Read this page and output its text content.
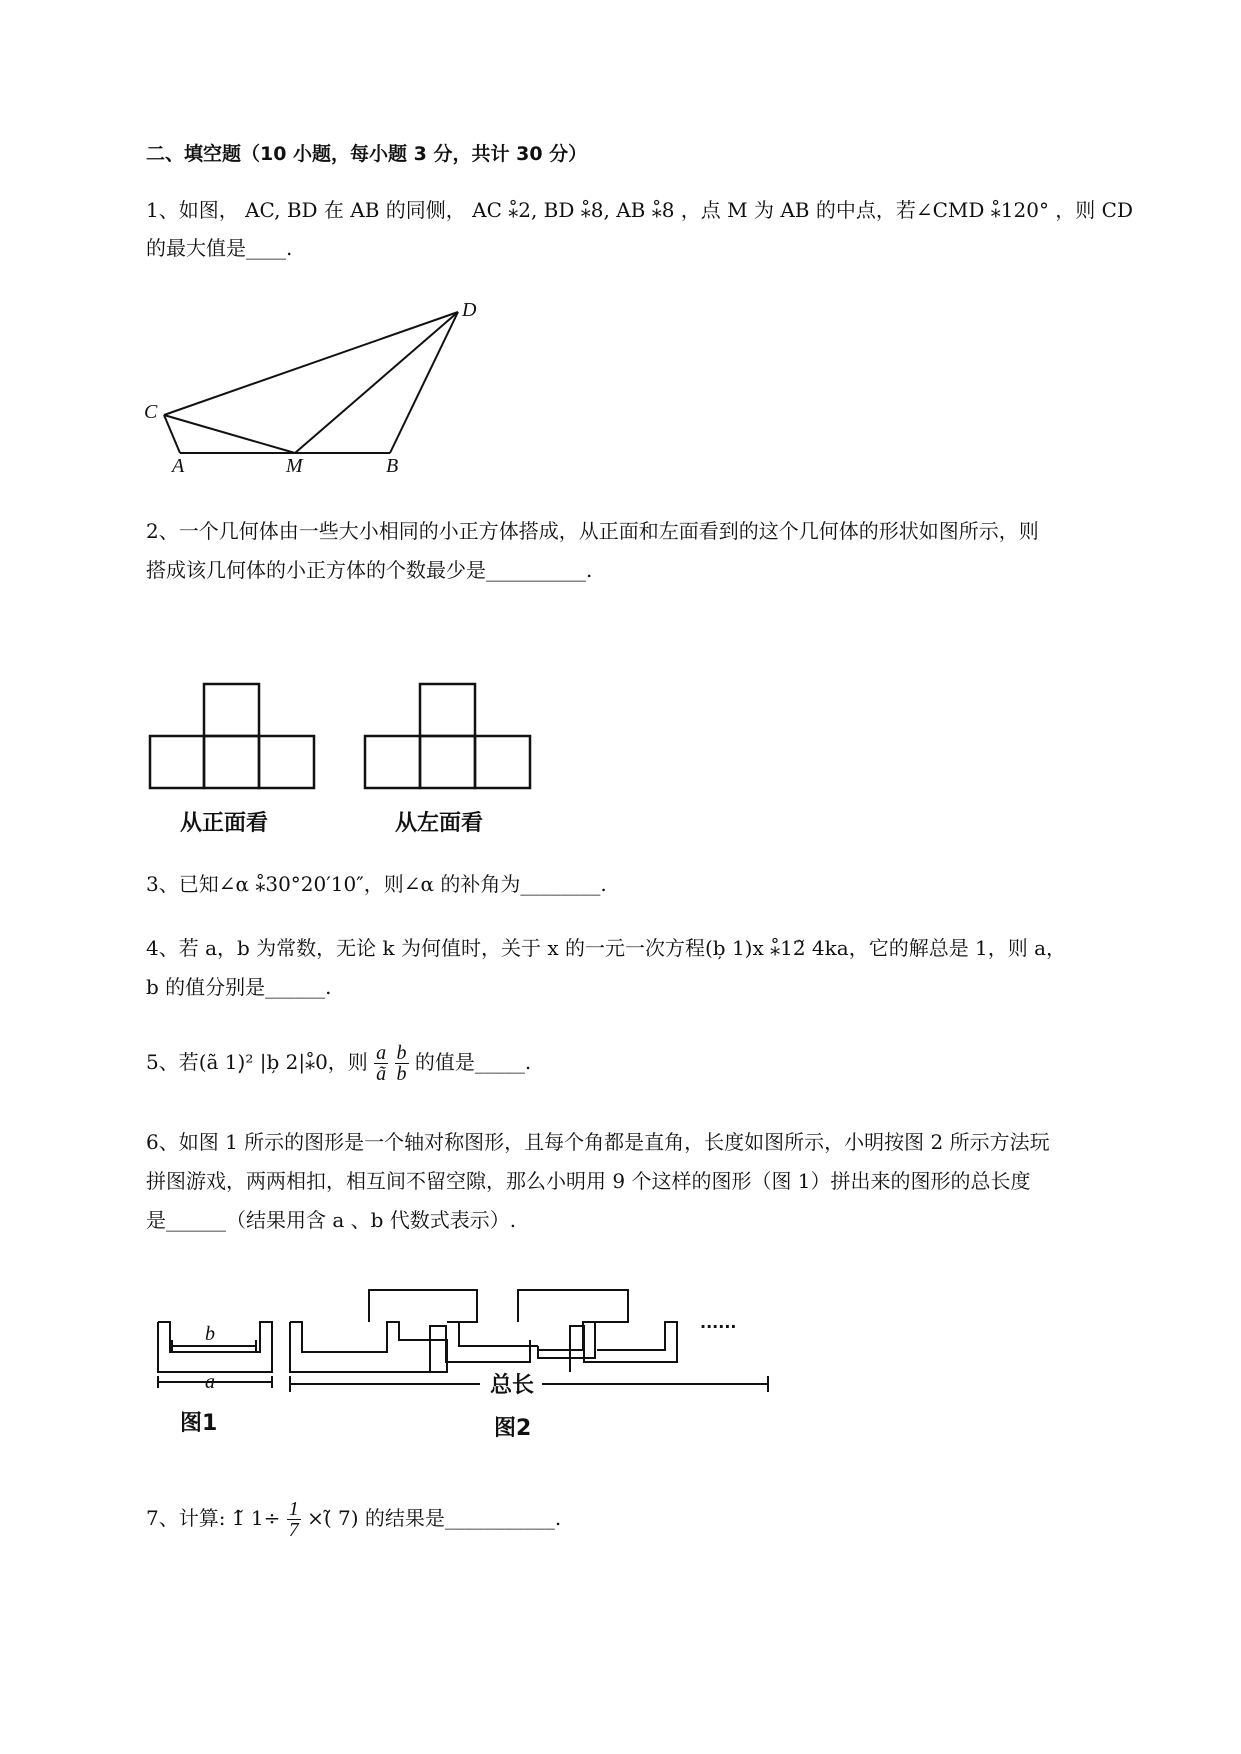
二、填空题（10 小题，每小题 3 分，共计 30 分）
1、如图， AC, BD 在 AB 的同侧， AC ⁎̊2, BD ⁎̊8, AB ⁎̊8 ，点 M 为 AB 的中点，若∠CMD ⁎̊120° ，则 CD
的最大值是____.
D
C
A	M	B
2、一个几何体由一些大小相同的小正方体搭成，从正面和左面看到的这个几何体的形状如图所示，则
搭成该几何体的小正方体的个数最少是__________.
从正面看	从左面看
3、已知∠α ⁎̊30°20′10″，则∠α 的补角为________.
4、若 a，b 为常数，无论 k 为何值时，关于 x 的一元一次方程(b̦ 1)x ⁎̊12̃ 4ka，它的解总是 1，则 a，
b 的值分别是______.
5、若(ã 1)̦² |b̦ 2|⁎̊0，则 $\frac{a}{ã}$
$\frac{b}{b}$ 的值是_____.
6、如图 1 所示的图形是一个轴对称图形，且每个角都是直角，长度如图所示，小明按图 2 所示方法玩
拼图游戏，两两相扣，相互间不留空隙，那么小明用 9 个这样的图形（图 1）拼出来的图形的总长度
是______（结果用含 a 、b 代数式表示）.
b
a
图1
总长
图2
......
7、计算: 1̃ $1\div \frac{1}{7}$ ×(̃ 7) 的结果是___________.
